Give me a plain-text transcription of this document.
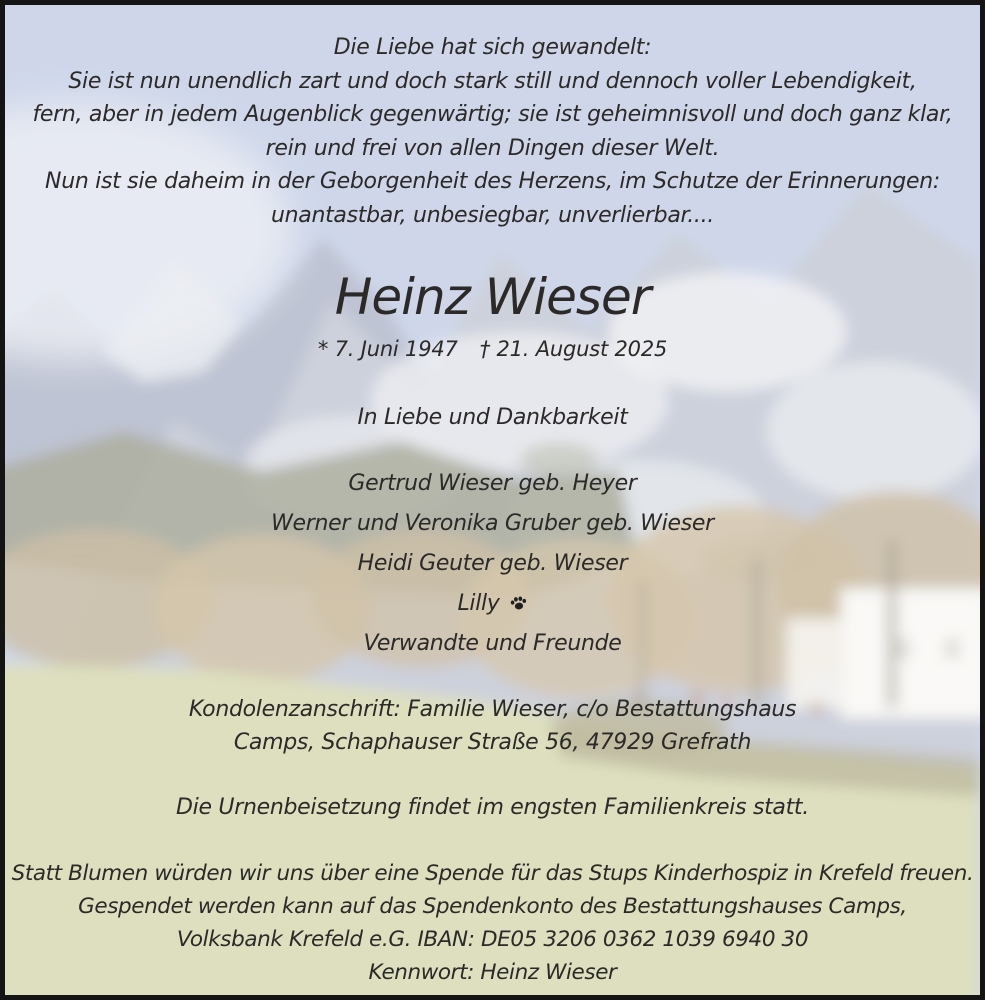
Die Liebe hat sich gewandelt:
Sie ist nun unendlich zart und doch stark still und dennoch voller Lebendigkeit,
fern, aber in jedem Augenblick gegenwärtig; sie ist geheimnisvoll und doch ganz klar,
rein und frei von allen Dingen dieser Welt.
Nun ist sie daheim in der Geborgenheit des Herzens, im Schutze der Erinnerungen:
unantastbar, unbesiegbar, unverlierbar....
Heinz Wieser
* 7. Juni 1947 † 21. August 2025
In Liebe und Dankbarkeit
Gertrud Wieser geb. Heyer
Werner und Veronika Gruber geb. Wieser
Heidi Geuter geb. Wieser
Lilly
Verwandte und Freunde
Kondolenzanschrift: Familie Wieser, c/o Bestattungshaus
Camps, Schaphauser Straße 56, 47929 Grefrath
Die Urnenbeisetzung findet im engsten Familienkreis statt.
Statt Blumen würden wir uns über eine Spende für das Stups Kinderhospiz in Krefeld freuen.
Gespendet werden kann auf das Spendenkonto des Bestattungshauses Camps,
Volksbank Krefeld e.G. IBAN: DE05 3206 0362 1039 6940 30
Kennwort: Heinz Wieser
